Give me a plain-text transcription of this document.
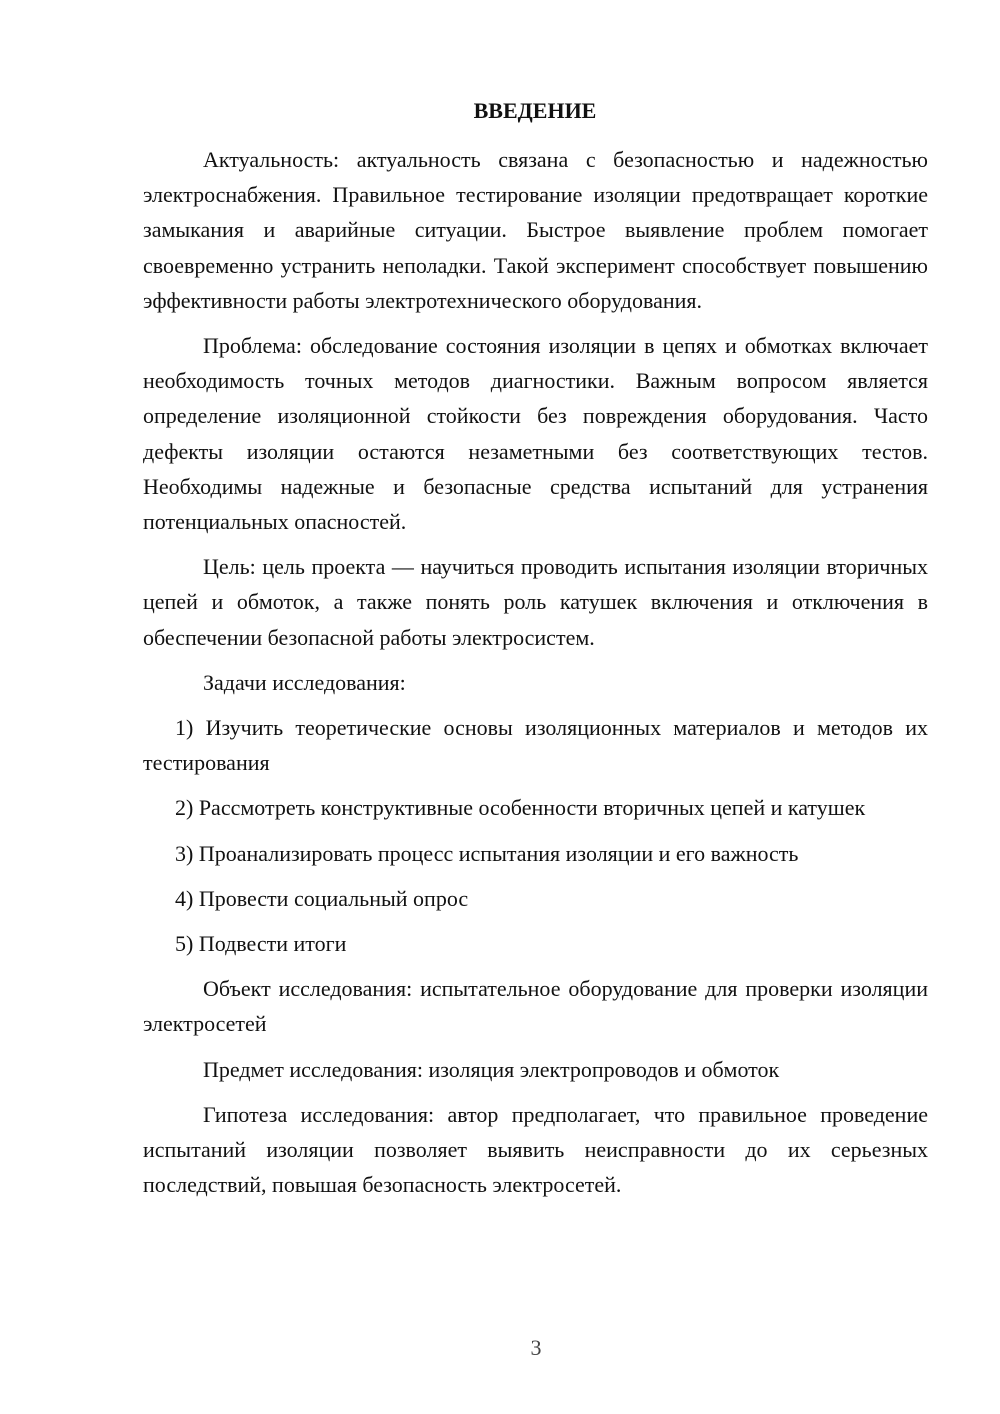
ВВЕДЕНИЕ

Актуальность: актуальность связана с безопасностью и надежностью электроснабжения. Правильное тестирование изоляции предотвращает короткие замыкания и аварийные ситуации. Быстрое выявление проблем помогает своевременно устранить неполадки. Такой эксперимент способствует повышению эффективности работы электротехнического оборудования.

Проблема: обследование состояния изоляции в цепях и обмотках включает необходимость точных методов диагностики. Важным вопросом является определение изоляционной стойкости без повреждения оборудования. Часто дефекты изоляции остаются незаметными без соответствующих тестов. Необходимы надежные и безопасные средства испытаний для устранения потенциальных опасностей.

Цель: цель проекта — научиться проводить испытания изоляции вторичных цепей и обмоток, а также понять роль катушек включения и отключения в обеспечении безопасной работы электросистем.

Задачи исследования:

1) Изучить теоретические основы изоляционных материалов и методов их тестирования

2) Рассмотреть конструктивные особенности вторичных цепей и катушек

3) Проанализировать процесс испытания изоляции и его важность

4) Провести социальный опрос

5) Подвести итоги

Объект исследования: испытательное оборудование для проверки изоляции электросетей

Предмет исследования: изоляция электропроводов и обмоток

Гипотеза исследования: автор предполагает, что правильное проведение испытаний изоляции позволяет выявить неисправности до их серьезных последствий, повышая безопасность электросетей.

3
